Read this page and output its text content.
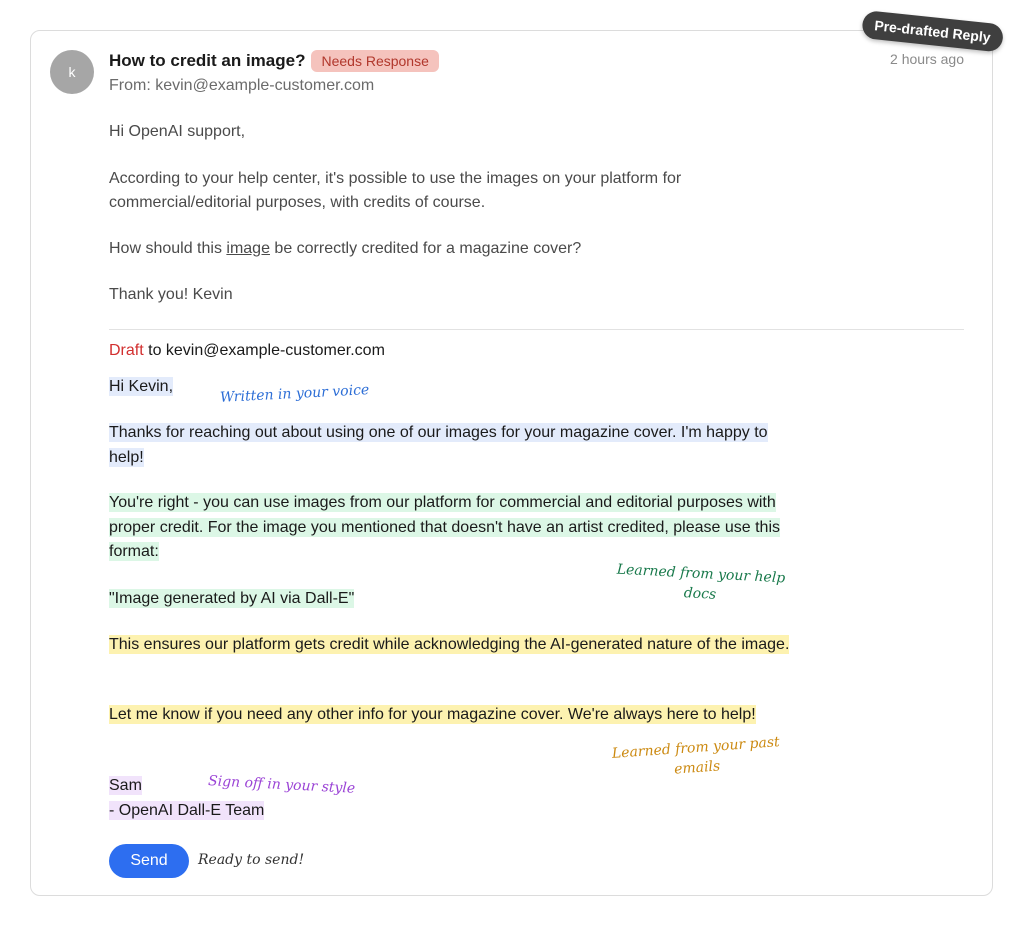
Pre-drafted Reply
k
How to credit an image?	Needs Response
From: kevin@example-customer.com
2 hours ago
Hi OpenAI support,
According to your help center, it's possible to use the images on your platform for commercial/editorial purposes, with credits of course.
How should this image be correctly credited for a magazine cover?
Thank you! Kevin
Draft to kevin@example-customer.com
Hi Kevin,
Thanks for reaching out about using one of our images for your magazine cover. I'm happy to help!
You're right - you can use images from our platform for commercial and editorial purposes with proper credit. For the image you mentioned that doesn't have an artist credited, please use this format:
"Image generated by AI via Dall-E"
This ensures our platform gets credit while acknowledging the AI-generated nature of the image.
Let me know if you need any other info for your magazine cover. We're always here to help!
Sam
- OpenAI Dall-E Team
Written in your voice
Learned from your help docs
Learned from your past emails
Sign off in your style
Send	Ready to send!
